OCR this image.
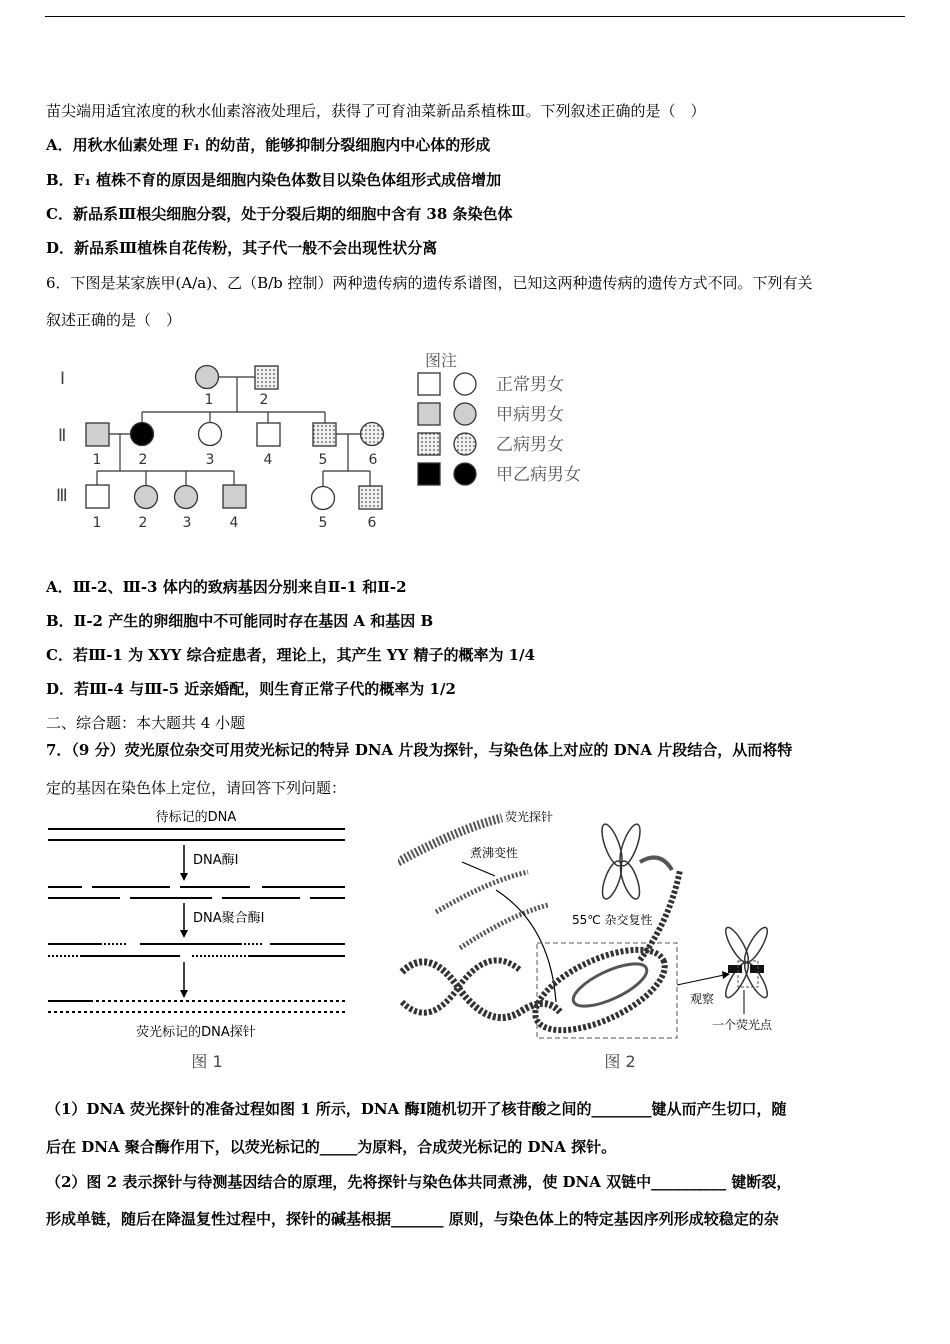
苗尖端用适宜浓度的秋水仙素溶液处理后，获得了可育油菜新品系植株Ⅲ。下列叙述正确的是（　）
A．用秋水仙素处理 F₁ 的幼苗，能够抑制分裂细胞内中心体的形成
B．F₁ 植株不育的原因是细胞内染色体数目以染色体组形式成倍增加
C．新品系Ⅲ根尖细胞分裂，处于分裂后期的细胞中含有 38 条染色体
D．新品系Ⅲ植株自花传粉，其子代一般不会出现性状分离
6．下图是某家族甲(A/a)、乙（B/b 控制）两种遗传病的遗传系谱图，已知这两种遗传病的遗传方式不同。下列有关
叙述正确的是（　）
Ⅰ
Ⅱ
Ⅲ
1	2
1	2	3	4	5	6
1	2	3	4	5	6
图注
正常男女
甲病男女
乙病男女
甲乙病男女
A．Ⅲ-2、Ⅲ-3 体内的致病基因分别来自Ⅱ-1 和Ⅱ-2
B．Ⅱ-2 产生的卵细胞中不可能同时存在基因 A 和基因 B
C．若Ⅲ-1 为 XYY 综合症患者，理论上，其产生 YY 精子的概率为 1/4
D．若Ⅲ-4 与Ⅲ-5 近亲婚配，则生育正常子代的概率为 1/2
二、综合题：本大题共 4 小题
7．（9 分）荧光原位杂交可用荧光标记的特异 DNA 片段为探针，与染色体上对应的 DNA 片段结合，从而将特
定的基因在染色体上定位，请回答下列问题：
待标记的DNA
DNA酶Ⅰ
DNA聚合酶Ⅰ
荧光标记的DNA探针
图 1
荧光探针
煮沸变性
55℃ 杂交复性
观察
一个荧光点
图 2
（1）DNA 荧光探针的准备过程如图 1 所示，DNA 酶Ⅰ随机切开了核苷酸之间的________键从而产生切口，随
后在 DNA 聚合酶作用下，以荧光标记的_____为原料，合成荧光标记的 DNA 探针。
（2）图 2 表示探针与待测基因结合的原理，先将探针与染色体共同煮沸，使 DNA 双链中__________ 键断裂，
形成单链，随后在降温复性过程中，探针的碱基根据_______ 原则，与染色体上的特定基因序列形成较稳定的杂
